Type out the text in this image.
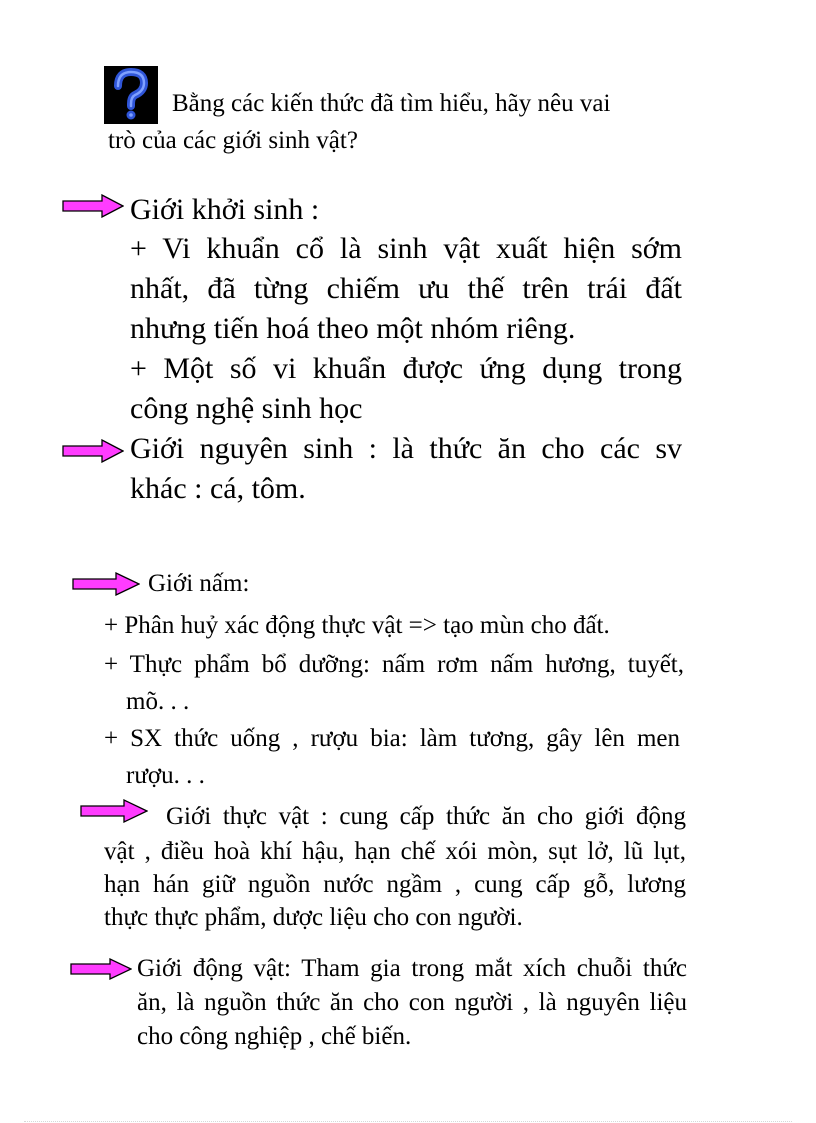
Bằng các kiến thức đã tìm hiểu, hãy nêu vai

trò của các giới sinh vật?

Giới khởi sinh :

+ Vi khuẩn cổ là sinh vật xuất hiện sớm

nhất, đã từng chiếm ưu thế trên trái đất

nhưng tiến hoá theo một nhóm riêng.

+ Một số vi khuẩn được ứng dụng trong

công nghệ sinh học

Giới nguyên sinh : là thức ăn cho các sv

khác : cá, tôm.

Giới nấm:

+ Phân huỷ xác động thực vật => tạo mùn cho đất.

+ Thực phẩm bổ dưỡng: nấm rơm nấm hương, tuyết,

mõ. . .

+ SX thức uống , rượu bia: làm tương, gây lên men

rượu. . .

Giới thực vật : cung cấp thức ăn cho giới động

vật , điều hoà khí hậu, hạn chế xói mòn, sụt lở, lũ lụt,

hạn hán giữ nguồn nước ngầm , cung cấp gỗ, lương

thực thực phẩm, dược liệu cho con người.

Giới động vật: Tham gia trong mắt xích chuỗi thức

ăn, là nguồn thức ăn cho con người , là nguyên liệu

cho công nghiệp , chế biến.
